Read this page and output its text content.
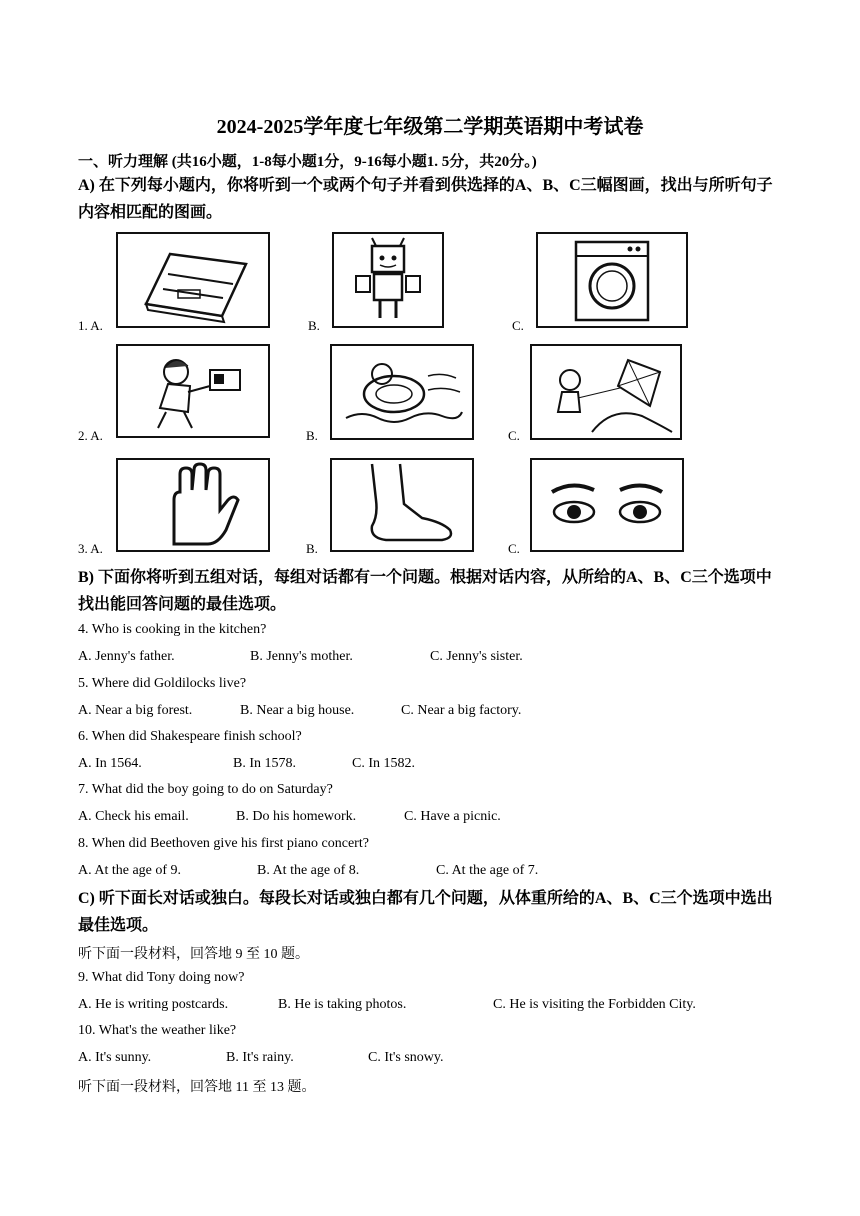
2024-2025学年度七年级第二学期英语期中考试卷
一、听力理解 (共16小题，1-8每小题1分，9-16每小题1. 5分，共20分。)
A) 在下列每小题内，你将听到一个或两个句子并看到供选择的A、B、C三幅图画，找出与所听句子内容相匹配的图画。
1. A.	B.	C.
2. A.	B.	C.
3. A.	B.	C.
B) 下面你将听到五组对话，每组对话都有一个问题。根据对话内容，从所给的A、B、C三个选项中找出能回答问题的最佳选项。
4. Who is cooking in the kitchen?
A. Jenny's father.	B. Jenny's mother.	C. Jenny's sister.
5. Where did Goldilocks live?
A. Near a big forest.	B. Near a big house.	C. Near a big factory.
6. When did Shakespeare finish school?
A. In 1564.	B. In 1578.	C. In 1582.
7. What did the boy going to do on Saturday?
A. Check his email.	B. Do his homework.	C. Have a picnic.
8. When did Beethoven give his first piano concert?
A. At the age of 9.	B. At the age of 8.	C. At the age of 7.
C) 听下面长对话或独白。每段长对话或独白都有几个问题，从体重所给的A、B、C三个选项中选出最佳选项。
听下面一段材料，回答地 9 至 10 题。
9. What did Tony doing now?
A. He is writing postcards.	B. He is taking photos.	C. He is visiting the Forbidden City.
10. What's the weather like?
A. It's sunny.	B. It's rainy.	C. It's snowy.
听下面一段材料，回答地 11 至 13 题。
